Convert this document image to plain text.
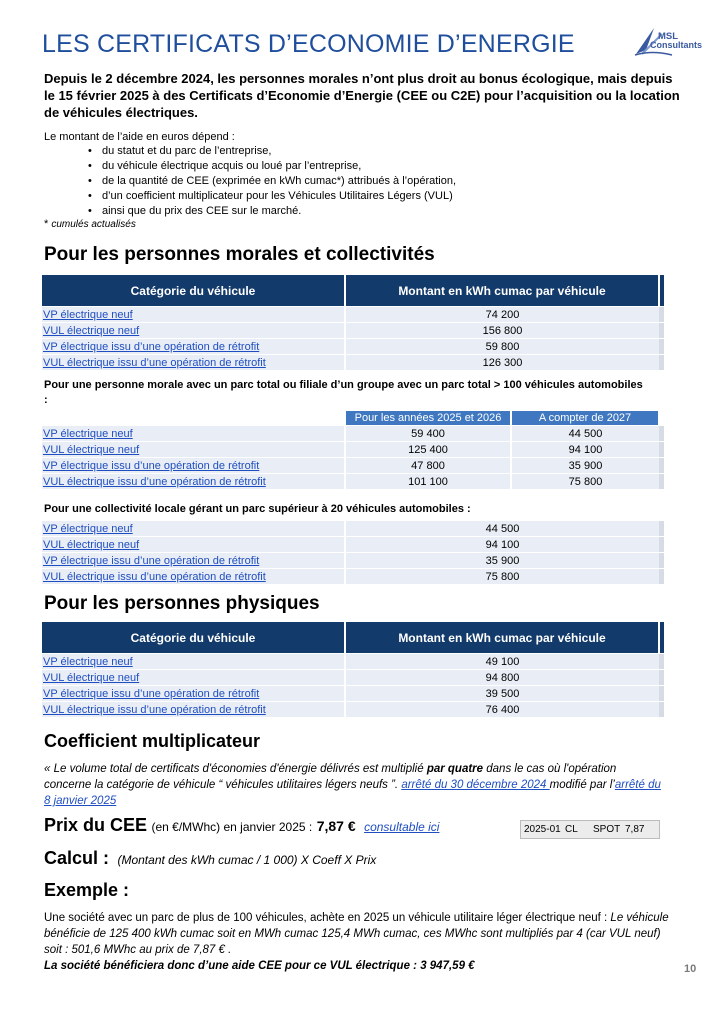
LES CERTIFICATS D’ECONOMIE D’ENERGIE	MSL
Consultants

Depuis le 2 décembre 2024, les personnes morales n’ont plus droit au bonus écologique, mais depuis le 15 février 2025 à des Certificats d’Economie d’Energie (CEE ou C2E) pour l’acquisition ou la location de véhicules électriques.

Le montant de l’aide en euros dépend :
• du statut et du parc de l’entreprise,
• du véhicule électrique acquis ou loué par l’entreprise,
• de la quantité de CEE (exprimée en kWh cumac*) attribués à l’opération,
• d’un coefficient multiplicateur pour les Véhicules Utilitaires Légers (VUL)
• ainsi que du prix des CEE sur le marché.
* cumulés actualisés
Pour les personnes morales et collectivités
Catégorie du véhicule	Montant en kWh cumac par véhicule	
VP électrique neuf	74 200	
VUL électrique neuf	156 800	
VP électrique issu d’une opération de rétrofit	59 800	
VUL électrique issu d’une opération de rétrofit	126 300	
Pour une personne morale avec un parc total ou filiale d’un groupe avec un parc total > 100 véhicules automobiles :
	Pour les années 2025 et 2026	A compter de 2027	
VP électrique neuf	59 400	44 500	
VUL électrique neuf	125 400	94 100	
VP électrique issu d’une opération de rétrofit	47 800	35 900	
VUL électrique issu d’une opération de rétrofit	101 100	75 800	
Pour une collectivité locale gérant un parc supérieur à 20 véhicules automobiles :
VP électrique neuf	44 500	
VUL électrique neuf	94 100	
VP électrique issu d’une opération de rétrofit	35 900	
VUL électrique issu d’une opération de rétrofit	75 800	
Pour les personnes physiques
Catégorie du véhicule	Montant en kWh cumac par véhicule	
VP électrique neuf	49 100	
VUL électrique neuf	94 800	
VP électrique issu d’une opération de rétrofit	39 500	
VUL électrique issu d’une opération de rétrofit	76 400	
Coefficient multiplicateur
« Le volume total de certificats d'économies d'énergie délivrés est multiplié par quatre dans le cas où l'opération concerne la catégorie de véhicule “ véhicules utilitaires légers neufs ”. arrêté du 30 décembre 2024 modifié par l’arrêté du 8 janvier 2025
Prix du CEE (en €/MWhc) en janvier 2025 : 7,87 € consultable ici	2025-01 CL SPOT 7,87
Calcul : (Montant des kWh cumac / 1 000) X Coeff X Prix
Exemple :
Une société avec un parc de plus de 100 véhicules, achète en 2025 un véhicule utilitaire léger électrique neuf : Le véhicule bénéficie de 125 400 kWh cumac soit en MWh cumac 125,4 MWh cumac, ces MWhc sont multipliés par 4 (car VUL neuf) soit : 501,6 MWhc au prix de 7,87 € .
La société bénéficiera donc d’une aide CEE pour ce VUL électrique : 3 947,59 €	10
